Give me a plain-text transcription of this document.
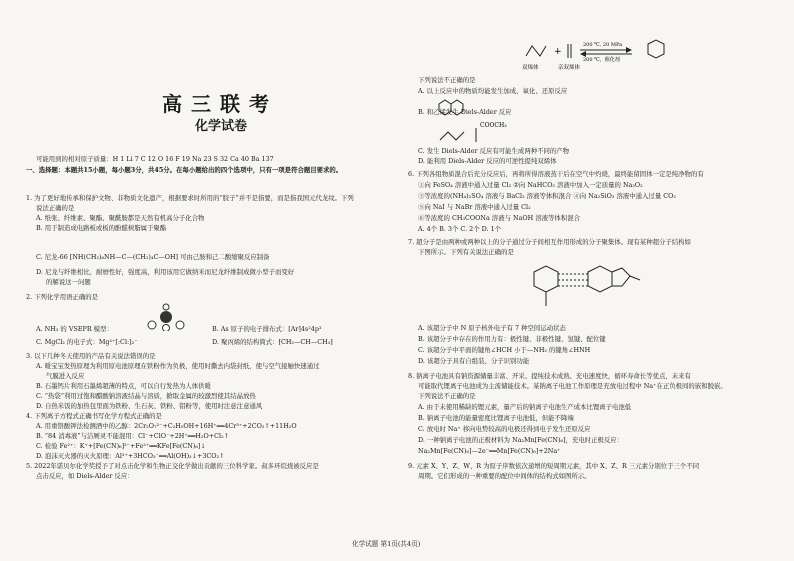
高三联考
化学试卷
可能用到的相对原子质量：H 1 Li 7 C 12 O 16 F 19 Na 23 S 32 Ca 40 Ba 137
一、选择题：本题共15小题，每小题3分，共45分。在每小题给出的四个选项中，只有一项是符合题目要求的。
1. 为了更好地传承和保护文物、非物质文化遗产，根据要求时所用的“胶子”并不是指要，而是指我国元代龙纹。下列
说法正确的是
A. 纸张、纤维素、聚酯、聚酰胺都是天然有机高分子化合物
B. 用于制造成电路板或板的酚醛树脂属于聚酯
C. 尼龙-66 [NH(CH₂)₆NH—C—(CH₂)₄C—OH] 可由己胺和己二酸缩聚反应制备
D. 尼龙与纤维相比，耐磨性好，强度高，利用该用它做纳米而尼龙纤维制成微小型子而变好
的解说这一问题
2. 下列化学用语正确的是
A. NH₃ 的 VSEPR 模型：	B. As 原子的电子排布式：[Ar]4s²4p³
C. MgCl₂ 的电子式：Mg²⁺[:Cl:]₂⁻	D. 聚丙烯的结构简式：⁅CH₂—CH—CH₃⁆
3. 以下几种冬天使用的产品有关说法错误的是
A. 暖宝宝发热原理为利用原电池原理在铁粉作为负极，使用时撕去内袋封纸，使与空气接触快速通过
气膜进入反应
B. 石墨钙片利用石墨烯超薄的特点，可以自行发热为人体供暖
C. “热袋”利用过饱和醋酸钠溶液结晶与溶质，掀取金属的较激烈使其结晶放热
D. 自热米饭的加热包里面为铁粉、生石灰、铁粉、铝粉等，使用时注意注意通风
4. 下列离子方程式正确书写化学方程式正确的是
A. 用重铬酸钾法检测酒中的乙醇：2Cr₂O₇²⁻+C₂H₅OH+16H⁺══4Cr³⁺+2CO₂↑+11H₂O
B. “84 消毒液”与洁厕灵不能混用：Cl⁻+ClO⁻+2H⁺══H₂O+Cl₂↑
C. 检验 Fe²⁺：K⁺+[Fe(CN)₆]³⁻+Fe²⁺══KFe[Fe(CN)₆]↓
D. 泡沫灭火器的灭火原理：Al³⁺+3HCO₃⁻══Al(OH)₃↓+3CO₂↑
5. 2022年诺贝尔化学奖授予了对点击化学和生物正交化学做出贡献的三位科学家。叔多环烷烧被反应是
点击反应，如 Diels-Alder 反应：
+
200 ℃, 20 MPa
200 ℃，催化剂
双烯体	亲双烯体
下列说法不正确的是
A. 以上反应中的物质均能发生加成、氧化、还原反应
B. 和乙烯发生 Diels-Alder 反应
COOCH₃
C. 发生 Diels-Alder 反应有可能生成两种不同的产物
D. 能利用 Diels-Alder 反应的可逆性提纯双烯体
6. 下列各组物质混合后充分反应后，再将所得溶液蒸干后在空气中灼烧，最终能留固体一定是纯净物的有
①向 FeSO₄ 溶液中通入过量 Cl₂ ②向 NaHCO₃ 溶液中加入一定质量的 Na₂O₂
③等浓度的(NH₄)₂SO₄ 溶液与 BaCl₂ 溶液等体积混合 ④向 Na₂SiO₃ 溶液中通入过量 CO₂
⑤向 NaI 与 NaBr 溶液中通入过量 Cl₂
⑥等浓度的 CH₃COONa 溶液与 NaOH 溶液等体积混合
A. 4个 B. 3个 C. 2个 D. 1个
7. 超分子是由两种或两种以上的分子通过分子间相互作用形成的分子聚集体。现有某种超分子结构如
下图所示。下列有关说法正确的是
A. 该超分子中 N 原子核外电子有 7 种空间运动状态
B. 该超分子中存在的作用力有：极性键、非极性键、氢键、配位键
C. 该超分子中平面的键角∠HCH 小于—NH₂ 的键角∠HNH
D. 该超分子具有自组装、分子识别功能
8. 钠离子电池具有钠资源储量丰富、开采、提纯技术成熟、充电速度快，循环寿命长等优点，未来有
可能取代锂离子电池成为主流储能技术。某钠离子电池工作原理是充放电过程中 Na⁺在正负极间的嵌和脱嵌。
下列说法不正确的是
A. 由于未使用稀缺的锂元素，量产后的钠离子电池生产成本比锂离子电池低
B. 钠离子电池的能量密度比锂离子电池低，但能不降端
C. 放电时 Na⁺ 移向电势较高的电极还得到电子发生还原反应
D. 一种钠离子电池的正极材料为 Na₂Mn[Fe(CN)₆]，充电时正极反应：
Na₂Mn[Fe(CN)₆]—2e⁻══Mn[Fe(CN)₆]+2Na⁺
9. 元素 X、Y、Z、W、R 为原子序数依次递增的短周期元素，其中 X、Z、R 三元素分别位于三个不同
周期。它们形成的一种重要的配位中间体的结构式如图所示。
化学试题 第1页(共4页)
